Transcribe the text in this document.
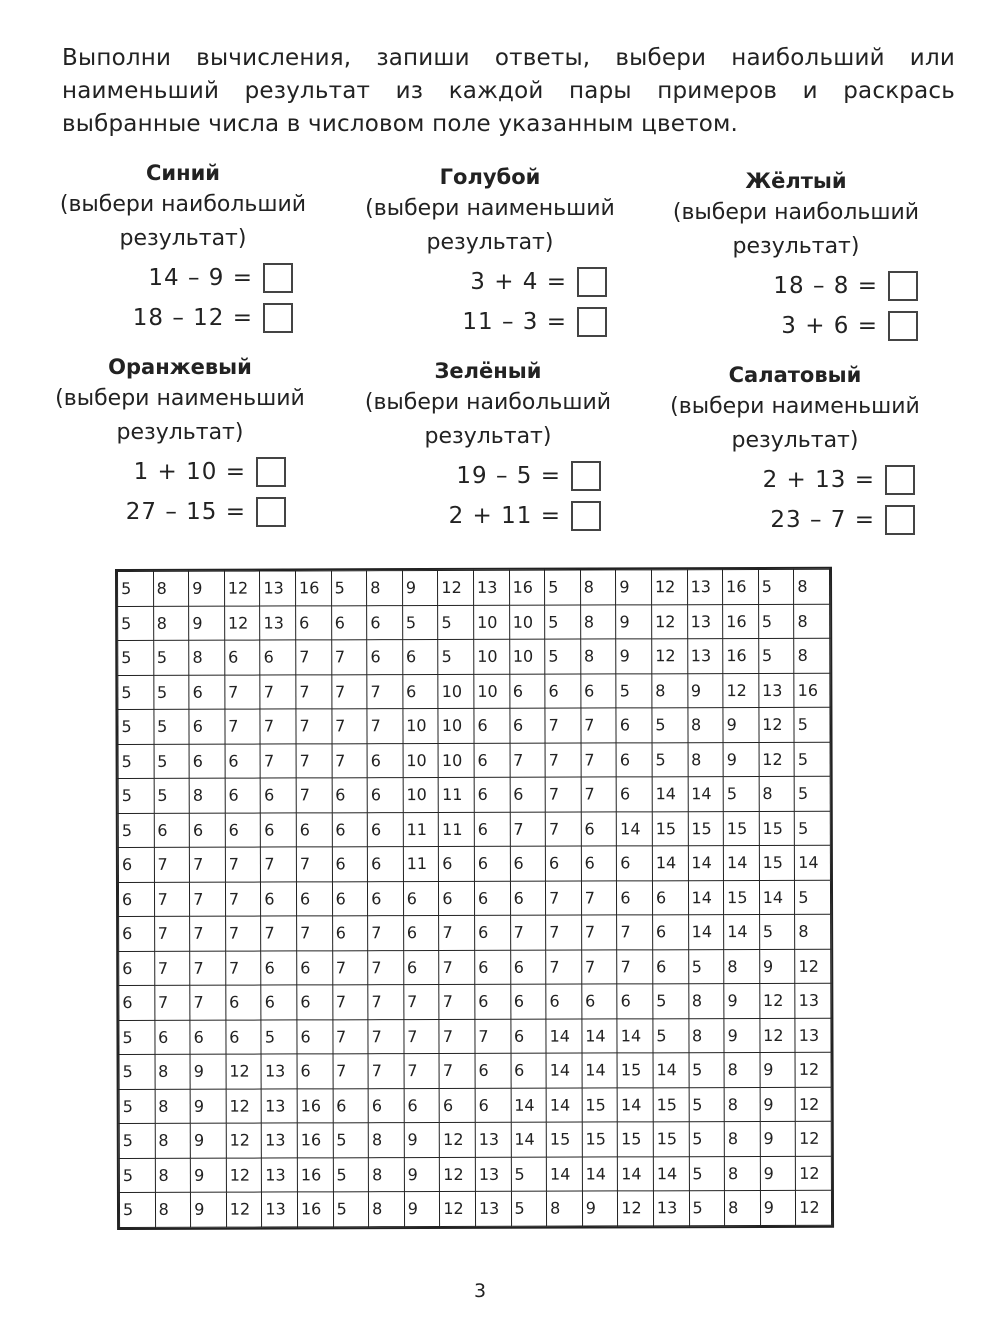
Выполни вычисления, запиши ответы, выбери наибольший или наименьший результат из каждой пары примеров и раскрась выбранные числа в числовом поле указанным цветом.
Синий
(выбери наибольший результат)
14 – 9 =
18 – 12 =
Голубой
(выбери наименьший результат)
3 + 4 =
11 – 3 =
Жёлтый
(выбери наибольший результат)
18 – 8 =
3 + 6 =
Оранжевый
(выбери наименьший результат)
1 + 10 =
27 – 15 =
Зелёный
(выбери наибольший результат)
19 – 5 =
2 + 11 =
Салатовый
(выбери наименьший результат)
2 + 13 =
23 – 7 =
5	8	9	12	13	16	5	8	9	12	13	16	5	8	9	12	13	16	5	8
5	8	9	12	13	6	6	6	5	5	10	10	5	8	9	12	13	16	5	8
5	5	8	6	6	7	7	6	6	5	10	10	5	8	9	12	13	16	5	8
5	5	6	7	7	7	7	7	6	10	10	6	6	6	5	8	9	12	13	16
5	5	6	7	7	7	7	7	10	10	6	6	7	7	6	5	8	9	12	5
5	5	6	6	7	7	7	6	10	10	6	7	7	7	6	5	8	9	12	5
5	5	8	6	6	7	6	6	10	11	6	6	7	7	6	14	14	5	8	5
5	6	6	6	6	6	6	6	11	11	6	7	7	6	14	15	15	15	15	5
6	7	7	7	7	7	6	6	11	6	6	6	6	6	6	14	14	14	15	14
6	7	7	7	6	6	6	6	6	6	6	6	7	7	6	6	14	15	14	5
6	7	7	7	7	7	6	7	6	7	6	7	7	7	7	6	14	14	5	8
6	7	7	7	6	6	7	7	6	7	6	6	7	7	7	6	5	8	9	12
6	7	7	6	6	6	7	7	7	7	6	6	6	6	6	5	8	9	12	13
5	6	6	6	5	6	7	7	7	7	7	6	14	14	14	5	8	9	12	13
5	8	9	12	13	6	7	7	7	7	6	6	14	14	15	14	5	8	9	12
5	8	9	12	13	16	6	6	6	6	6	14	14	15	14	15	5	8	9	12
5	8	9	12	13	16	5	8	9	12	13	14	15	15	15	15	5	8	9	12
5	8	9	12	13	16	5	8	9	12	13	5	14	14	14	14	5	8	9	12
5	8	9	12	13	16	5	8	9	12	13	5	8	9	12	13	5	8	9	12
3
